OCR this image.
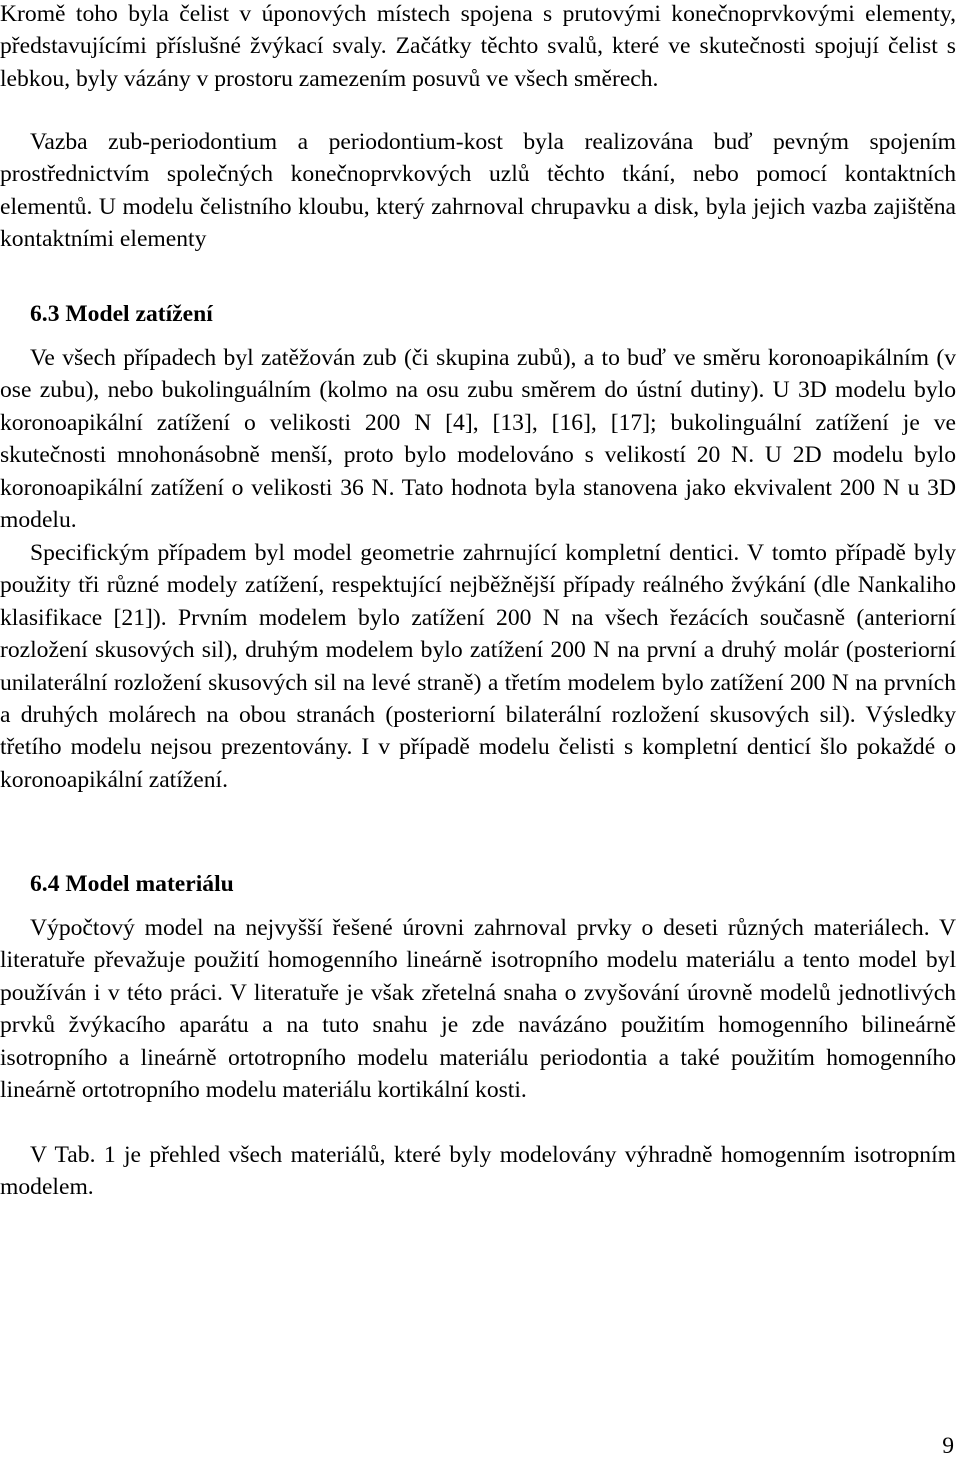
Kromě toho byla čelist v úponových místech spojena s prutovými konečnoprvkovými elementy, představujícími příslušné žvýkací svaly. Začátky těchto svalů, které ve skutečnosti spojují čelist s lebkou, byly vázány v prostoru zamezením posuvů ve všech směrech.

Vazba zub-periodontium a periodontium-kost byla realizována buď pevným spojením prostřednictvím společných konečnoprvkových uzlů těchto tkání, nebo pomocí kontaktních elementů. U modelu čelistního kloubu, který zahrnoval chrupavku a disk, byla jejich vazba zajištěna kontaktními elementy

6.3 Model zatížení

Ve všech případech byl zatěžován zub (či skupina zubů), a to buď ve směru koronoapikálním (v ose zubu), nebo bukolinguálním (kolmo na osu zubu směrem do ústní dutiny). U 3D modelu bylo koronoapikální zatížení o velikosti 200 N [4], [13], [16], [17]; bukolinguální zatížení je ve skutečnosti mnohonásobně menší, proto bylo modelováno s velikostí 20 N. U 2D modelu bylo koronoapikální zatížení o velikosti 36 N. Tato hodnota byla stanovena jako ekvivalent 200 N u 3D modelu.

Specifickým případem byl model geometrie zahrnující kompletní dentici. V tomto případě byly použity tři různé modely zatížení, respektující nejběžnější případy reálného žvýkání (dle Nankaliho klasifikace [21]). Prvním modelem bylo zatížení 200 N na všech řezácích současně (anteriorní rozložení skusových sil), druhým modelem bylo zatížení 200 N na první a druhý molár (posteriorní unilaterální rozložení skusových sil na levé straně) a třetím modelem bylo zatížení 200 N na prvních a druhých molárech na obou stranách (posteriorní bilaterální rozložení skusových sil). Výsledky třetího modelu nejsou prezentovány. I v případě modelu čelisti s kompletní denticí šlo pokaždé o koronoapikální zatížení.

6.4 Model materiálu

Výpočtový model na nejvyšší řešené úrovni zahrnoval prvky o deseti různých materiálech. V literatuře převažuje použití homogenního lineárně isotropního modelu materiálu a tento model byl používán i v této práci. V literatuře je však zřetelná snaha o zvyšování úrovně modelů jednotlivých prvků žvýkacího aparátu a na tuto snahu je zde navázáno použitím homogenního bilineárně isotropního a lineárně ortotropního modelu materiálu periodontia a také použitím homogenního lineárně ortotropního modelu materiálu kortikální kosti.

V Tab. 1 je přehled všech materiálů, které byly modelovány výhradně homogenním isotropním modelem.

9
